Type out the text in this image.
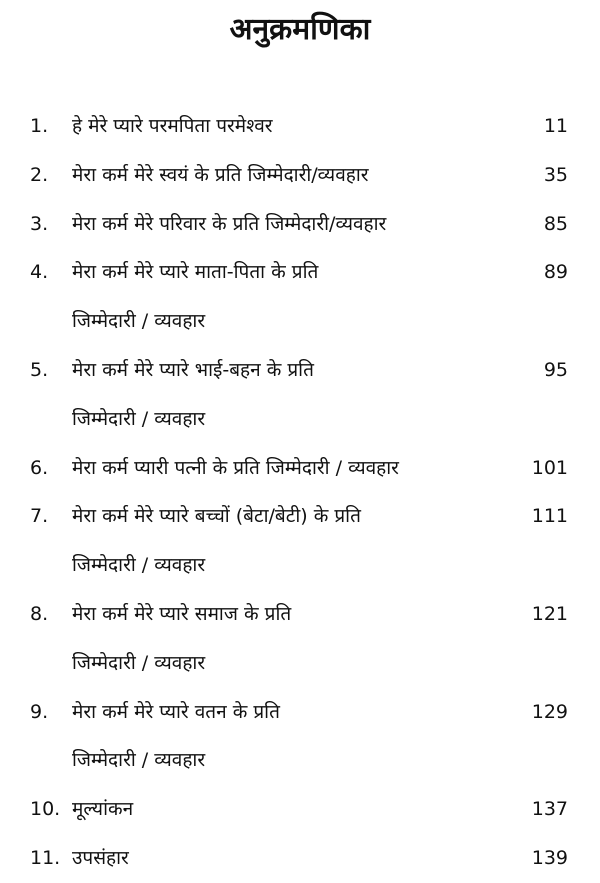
अनुक्रमणिका
1. हे मेरे प्यारे परमपिता परमेश्वर	11
2. मेरा कर्म मेरे स्वयं के प्रति जिम्मेदारी/व्यवहार	35
3. मेरा कर्म मेरे परिवार के प्रति जिम्मेदारी/व्यवहार	85
4. मेरा कर्म मेरे प्यारे माता-पिता के प्रति	89
जिम्मेदारी / व्यवहार
5. मेरा कर्म मेरे प्यारे भाई-बहन के प्रति	95
जिम्मेदारी / व्यवहार
6. मेरा कर्म प्यारी पत्नी के प्रति जिम्मेदारी / व्यवहार	101
7. मेरा कर्म मेरे प्यारे बच्चों (बेटा/बेटी) के प्रति	111
जिम्मेदारी / व्यवहार
8. मेरा कर्म मेरे प्यारे समाज के प्रति	121
जिम्मेदारी / व्यवहार
9. मेरा कर्म मेरे प्यारे वतन के प्रति	129
जिम्मेदारी / व्यवहार
10. मूल्यांकन	137
11. उपसंहार	139
